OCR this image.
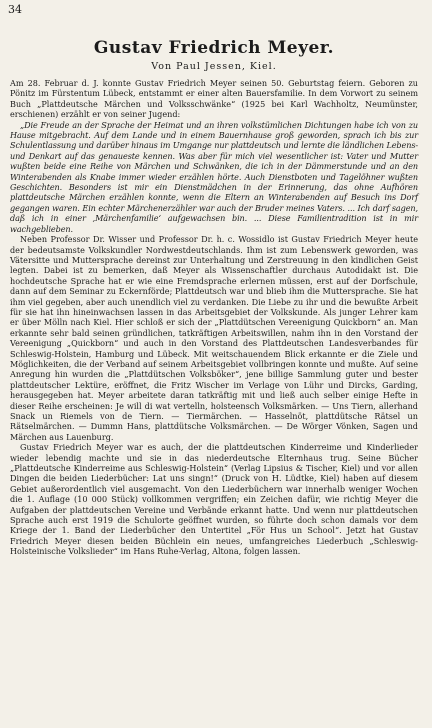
34
Gustav Friedrich Meyer.
Von Paul Jessen, Kiel.

Am 28. Februar d. J. konnte Gustav Friedrich Meyer seinen 50. Geburtstag feiern. Geboren zu Pönitz im Fürstentum Lübeck, entstammt er einer alten Bauersfamilie. In dem Vorwort zu seinem Buch „Plattdeutsche Märchen und Volksschwänke“ (1925 bei Karl Wachholtz, Neumünster, erschienen) erzählt er von seiner Jugend:

„Die Freude an der Sprache der Heimat und an ihren volkstümlichen Dichtungen habe ich von zu Hause mitgebracht. Auf dem Lande und in einem Bauernhause groß geworden, sprach ich bis zur Schulentlassung und darüber hinaus im Umgange nur plattdeutsch und lernte die ländlichen Lebens- und Denkart auf das genaueste kennen. Was aber für mich viel wesentlicher ist: Vater und Mutter wußten beide eine Reihe von Märchen und Schwänken, die ich in der Dämmerstunde und an den Winterabenden als Knabe immer wieder erzählen hörte. Auch Dienstboten und Tagelöhner wußten Geschichten. Besonders ist mir ein Dienstmädchen in der Erinnerung, das ohne Aufhören plattdeutsche Märchen erzählen konnte, wenn die Eltern an Winterabenden auf Besuch ins Dorf gegangen waren. Ein echter Märchenerzähler war auch der Bruder meines Vaters. ... Ich darf sagen, daß ich in einer ,Märchenfamilie‘ aufgewachsen bin. ... Diese Familientradition ist in mir wachgeblieben.

Neben Professor Dr. Wisser und Professor Dr. h. c. Wossidlo ist Gustav Friedrich Meyer heute der bedeutsamste Volkskundler Nordwestdeutschlands. Ihm ist zum Lebenswerk geworden, was Vätersitte und Muttersprache dereinst zur Unterhaltung und Zerstreuung in den kindlichen Geist legten. Dabei ist zu bemerken, daß Meyer als Wissenschaftler durchaus Autodidakt ist. Die hochdeutsche Sprache hat er wie eine Fremdsprache erlernen müssen, erst auf der Dorfschule, dann auf dem Seminar zu Eckernförde; Plattdeutsch war und blieb ihm die Muttersprache. Sie hat ihm viel gegeben, aber auch unendlich viel zu verdanken. Die Liebe zu ihr und die bewußte Arbeit für sie hat ihn hineinwachsen lassen in das Arbeitsgebiet der Volkskunde. Als junger Lehrer kam er über Mölln nach Kiel. Hier schloß er sich der „Plattdütschen Vereenigung Quickborn“ an. Man erkannte sehr bald seinen gründlichen, tatkräftigen Arbeitswillen, nahm ihn in den Vorstand der Vereenigung „Quickborn“ und auch in den Vorstand des Plattdeutschen Landesverbandes für Schleswig-Holstein, Hamburg und Lübeck. Mit weitschauendem Blick erkannte er die Ziele und Möglichkeiten, die der Verband auf seinem Arbeitsgebiet vollbringen konnte und mußte. Auf seine Anregung hin wurden die „Plattdütschen Volksböker“, jene billige Sammlung guter und bester plattdeutscher Lektüre, eröffnet, die Fritz Wischer im Verlage von Lühr und Dircks, Garding, herausgegeben hat. Meyer arbeitete daran tatkräftig mit und ließ auch selber einige Hefte in dieser Reihe erscheinen: Je will di wat vertelln, holsteensch Volksmärken. — Uns Tiern, allerhand Snack un Riemels von de Tiern. — Tiermärchen. — Hasselnöt, plattdütsche Rätsel un Rätselmärchen. — Dummn Hans, plattdütsche Volksmärchen. — De Wörger Vönken, Sagen und Märchen aus Lauenburg.

Gustav Friedrich Meyer war es auch, der die plattdeutschen Kinderreime und Kinderlieder wieder lebendig machte und sie in das niederdeutsche Elternhaus trug. Seine Bücher „Plattdeutsche Kinderreime aus Schleswig-Holstein“ (Verlag Lipsius & Tischer, Kiel) und vor allen Dingen die beiden Liederbücher: Lat uns singn!“ (Druck von H. Lüdtke, Kiel) haben auf diesem Gebiet außerordentlich viel ausgemacht. Von den Liederbüchern war innerhalb weniger Wochen die 1. Auflage (10 000 Stück) vollkommen vergriffen; ein Zeichen dafür, wie richtig Meyer die Aufgaben der plattdeutschen Vereine und Verbände erkannt hatte. Und wenn nur plattdeutschen Sprache auch erst 1919 die Schulorte geöffnet wurden, so führte doch schon damals vor dem Kriege der 1. Band der Liederbücher den Untertitel „För Hus un School“. Jetzt hat Gustav Friedrich Meyer diesen beiden Büchlein ein neues, umfangreiches Liederbuch „Schleswig-Holsteinische Volkslieder“ im Hans Ruhe-Verlag, Altona, folgen lassen.
